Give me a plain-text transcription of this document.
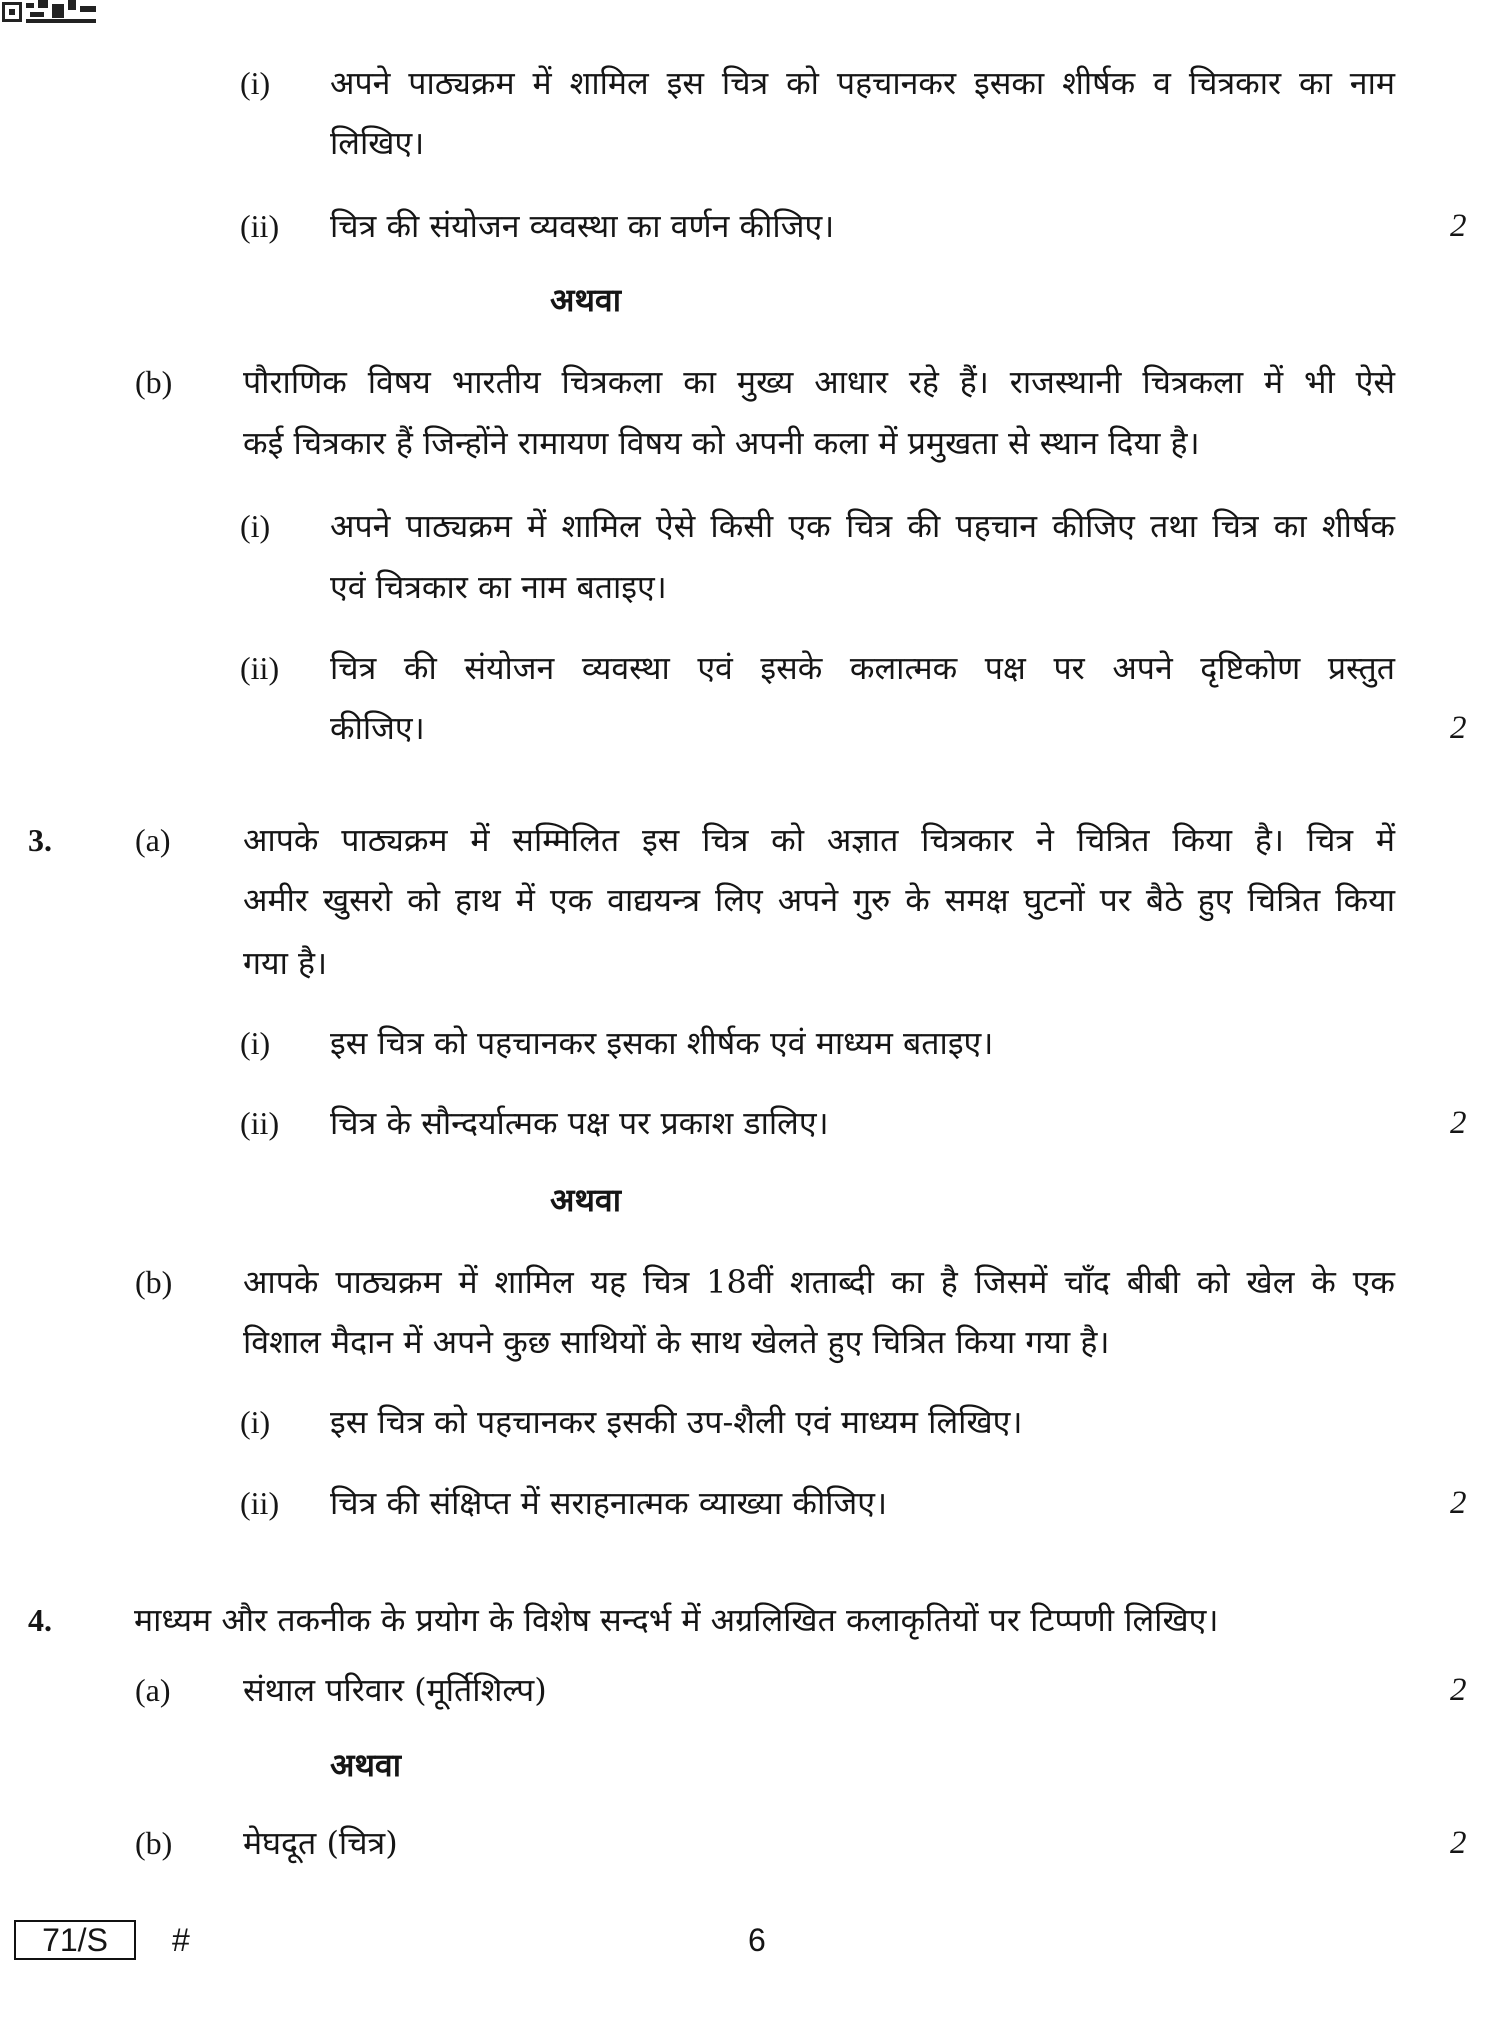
(i) अपने पाठ्यक्रम में शामिल इस चित्र को पहचानकर इसका शीर्षक व चित्रकार का नाम
लिखिए।
(ii) चित्र की संयोजन व्यवस्था का वर्णन कीजिए।	2
अथवा
(b) पौराणिक विषय भारतीय चित्रकला का मुख्य आधार रहे हैं। राजस्थानी चित्रकला में भी ऐसे
कई चित्रकार हैं जिन्होंने रामायण विषय को अपनी कला में प्रमुखता से स्थान दिया है।
(i) अपने पाठ्यक्रम में शामिल ऐसे किसी एक चित्र की पहचान कीजिए तथा चित्र का शीर्षक
एवं चित्रकार का नाम बताइए।
(ii) चित्र की संयोजन व्यवस्था एवं इसके कलात्मक पक्ष पर अपने दृष्टिकोण प्रस्तुत
कीजिए।	2
3.	(a) आपके पाठ्यक्रम में सम्मिलित इस चित्र को अज्ञात चित्रकार ने चित्रित किया है। चित्र में
अमीर खुसरो को हाथ में एक वाद्ययन्त्र लिए अपने गुरु के समक्ष घुटनों पर बैठे हुए चित्रित किया
गया है।
(i) इस चित्र को पहचानकर इसका शीर्षक एवं माध्यम बताइए।
(ii) चित्र के सौन्दर्यात्मक पक्ष पर प्रकाश डालिए।	2
अथवा
(b) आपके पाठ्यक्रम में शामिल यह चित्र 18वीं शताब्दी का है जिसमें चाँद बीबी को खेल के एक
विशाल मैदान में अपने कुछ साथियों के साथ खेलते हुए चित्रित किया गया है।
(i) इस चित्र को पहचानकर इसकी उप-शैली एवं माध्यम लिखिए।
(ii) चित्र की संक्षिप्त में सराहनात्मक व्याख्या कीजिए।	2
4.	माध्यम और तकनीक के प्रयोग के विशेष सन्दर्भ में अग्रलिखित कलाकृतियों पर टिप्पणी लिखिए।
(a) संथाल परिवार (मूर्तिशिल्प)	2
अथवा
(b) मेघदूत (चित्र)	2
71/S	#	6
